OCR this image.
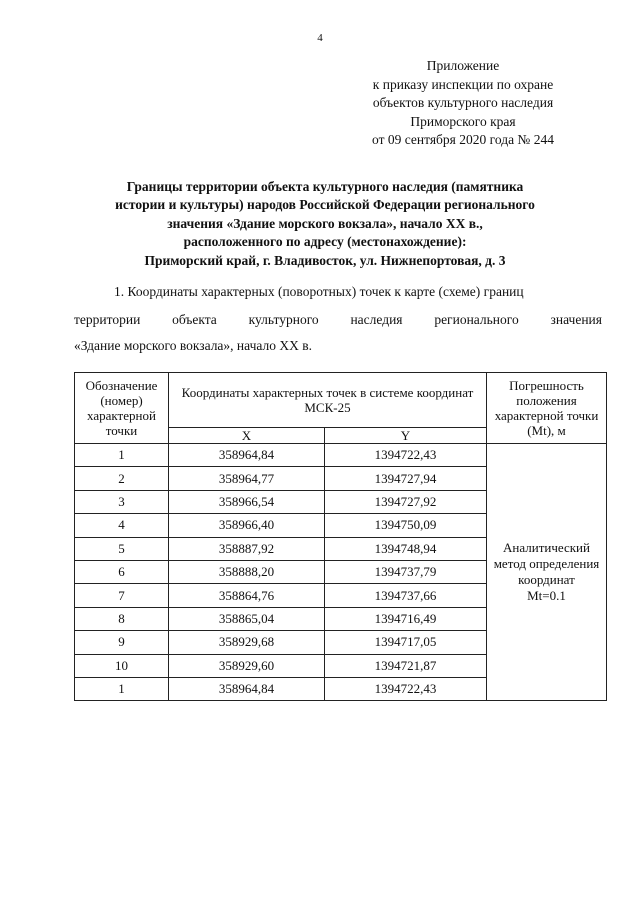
4
Приложение
к приказу инспекции по охране
объектов культурного наследия
Приморского края
от 09 сентября 2020 года № 244
Границы территории объекта культурного наследия (памятника
истории и культуры) народов Российской Федерации регионального
значения «Здание морского вокзала», начало XX в.,
расположенного по адресу (местонахождение):
Приморский край, г. Владивосток, ул. Нижнепортовая, д. 3
1. Координаты характерных (поворотных) точек к карте (схеме) границ
территории объекта культурного наследия регионального значения
«Здание морского вокзала», начало XX в.
Обозначение (номер) характерной точки	Координаты характерных точек в системе координат МСК-25		Погрешность положения характерной точки (Mt), м
	X	Y	
1	358964,84	1394722,43	Аналитический
метод определения
координат
Mt=0.1

2	358964,77	1394727,94	
3	358966,54	1394727,92	
4	358966,40	1394750,09	
5	358887,92	1394748,94	
6	358888,20	1394737,79	
7	358864,76	1394737,66	
8	358865,04	1394716,49	
9	358929,68	1394717,05	
10	358929,60	1394721,87	
1	358964,84	1394722,43	
